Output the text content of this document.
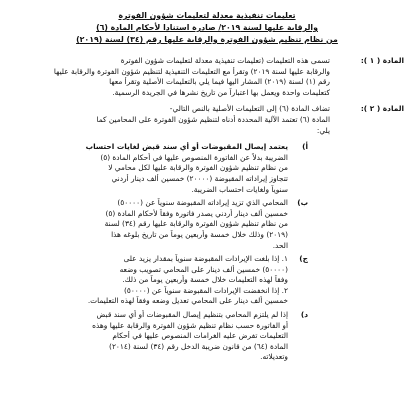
تعليمات تنفيذية معدلة لتعليمات شؤون الفوترة
والرقابة عليها لسنة ٢٠١٩/ صادرة استنادا لأحكام المادة (٦)
من نظام تنظيم شؤون الفوترة والرقابة عليها رقم (٣٤) لسنة (٢٠١٩)
المادة ( ١ ):
تسمى هذه التعليمات (تعليمات تنفيذية معدلة لتعليمات شؤون الفوترة
والرقابة عليها لسنة ٢٠١٩) وتقرأ مع التعليمات التنفيذية لتنظيم شؤون الفوترة والرقابة عليها
رقم (١) لسنة (٢٠١٩) المشار اليها فيما يلي بالتعليمات الأصلية وتقرأ معها
كتعليمات واحدة ويعمل بها اعتباراً من تاريخ نشرها في الجريدة الرسمية.
المادة ( ٢ ):
تضاف المادة (٦) إلى التعليمات الأصلية بالنص التالي-
المادة (٦) تعتمد الآلية المحددة أدناه لتنظيم شؤون الفوترة على المحامين كما
يلي:
أ)
يعتمد إيصال المقبوضات أو أي سند قبض لغايات احتساب
الضريبة بدلاً عن الفاتورة المنصوص عليها في أحكام المادة (٥)
من نظام تنظيم شؤون الفوترة والرقابة عليها لكل محامي لا
تتجاوز إيراداته المقبوضة (٢٠٠٠٠) خمسين ألف دينار أردني
سنوياً ولغايات احتساب الضريبة.
ب)
المحامي الذي تزيد إيراداته المقبوضة سنوياً عن (٥٠٠٠٠)
خمسين ألف دينار أردني يصدر فاتورة وفقاً لأحكام المادة (٥)
من نظام تنظيم شؤون الفوترة والرقابة عليها رقم (٣٤) لسنة
(٢٠١٩) وذلك خلال خمسة وأربعين يوماً من تاريخ بلوغه هذا
الحد.
ج)
١. إذا بلغت الإيرادات المقبوضة سنوياً بمقدار يزيد على
(٥٠٠٠٠) خمسين ألف دينار على المحامي تصويب وضعه
وفقاً لهذه التعليمات خلال خمسة وأربعين يوماً من ذلك.
٢. إذا انخفضت الإيرادات المقبوضة سنوياً عن (٥٠٠٠٠)
خمسين ألف دينار على المحامي تعديل وضعه وفقاً لهذه التعليمات.
د)
إذا لم يلتزم المحامي بتنظيم إيصال المقبوضات أو أي سند قبض
أو الفاتورة حسب نظام تنظيم شؤون الفوترة والرقابة عليها وهذه
التعليمات تفرض عليه الغرامات المنصوص عليها في أحكام
المادة (٦٤) من قانون ضريبة الدخل رقم (٣٤) لسنة (٢٠١٤)
وتعديلاته.
